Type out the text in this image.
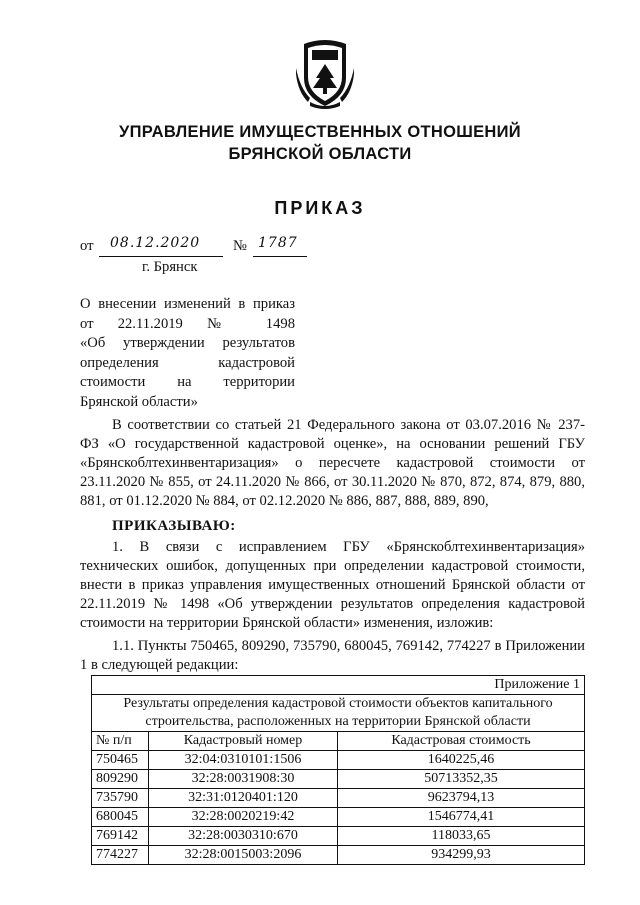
УПРАВЛЕНИЕ ИМУЩЕСТВЕННЫХ ОТНОШЕНИЙ
БРЯНСКОЙ ОБЛАСТИ
ПРИКАЗ
от 08.12.2020 № 1787
г. Брянск
О внесении изменений в приказ
от 22.11.2019 № 1498
«Об утверждении результатов
определения кадастровой
стоимости на территории
Брянской области»
В соответствии со статьей 21 Федерального закона от 03.07.2016 № 237-
ФЗ «О государственной кадастровой оценке», на основании решений ГБУ
«Брянскоблтехинвентаризация» о пересчете кадастровой стоимости от
23.11.2020 № 855, от 24.11.2020 № 866, от 30.11.2020 № 870, 872, 874, 879, 880,
881, от 01.12.2020 № 884, от 02.12.2020 № 886, 887, 888, 889, 890,
ПРИКАЗЫВАЮ:
1. В связи с исправлением ГБУ «Брянскоблтехинвентаризация»
технических ошибок, допущенных при определении кадастровой стоимости,
внести в приказ управления имущественных отношений Брянской области от
22.11.2019 № 1498 «Об утверждении результатов определения кадастровой
стоимости на территории Брянской области» изменения, изложив:
1.1. Пункты 750465, 809290, 735790, 680045, 769142, 774227 в Приложении
1 в следующей редакции:
Приложение 1		
Результаты определения кадастровой стоимости объектов капитального
строительства, расположенных на территории Брянской области		
№ п/п	Кадастровый номер	Кадастровая стоимость
750465	32:04:0310101:1506	1640225,46
809290	32:28:0031908:30	50713352,35
735790	32:31:0120401:120	9623794,13
680045	32:28:0020219:42	1546774,41
769142	32:28:0030310:670	118033,65
774227	32:28:0015003:2096	934299,93
